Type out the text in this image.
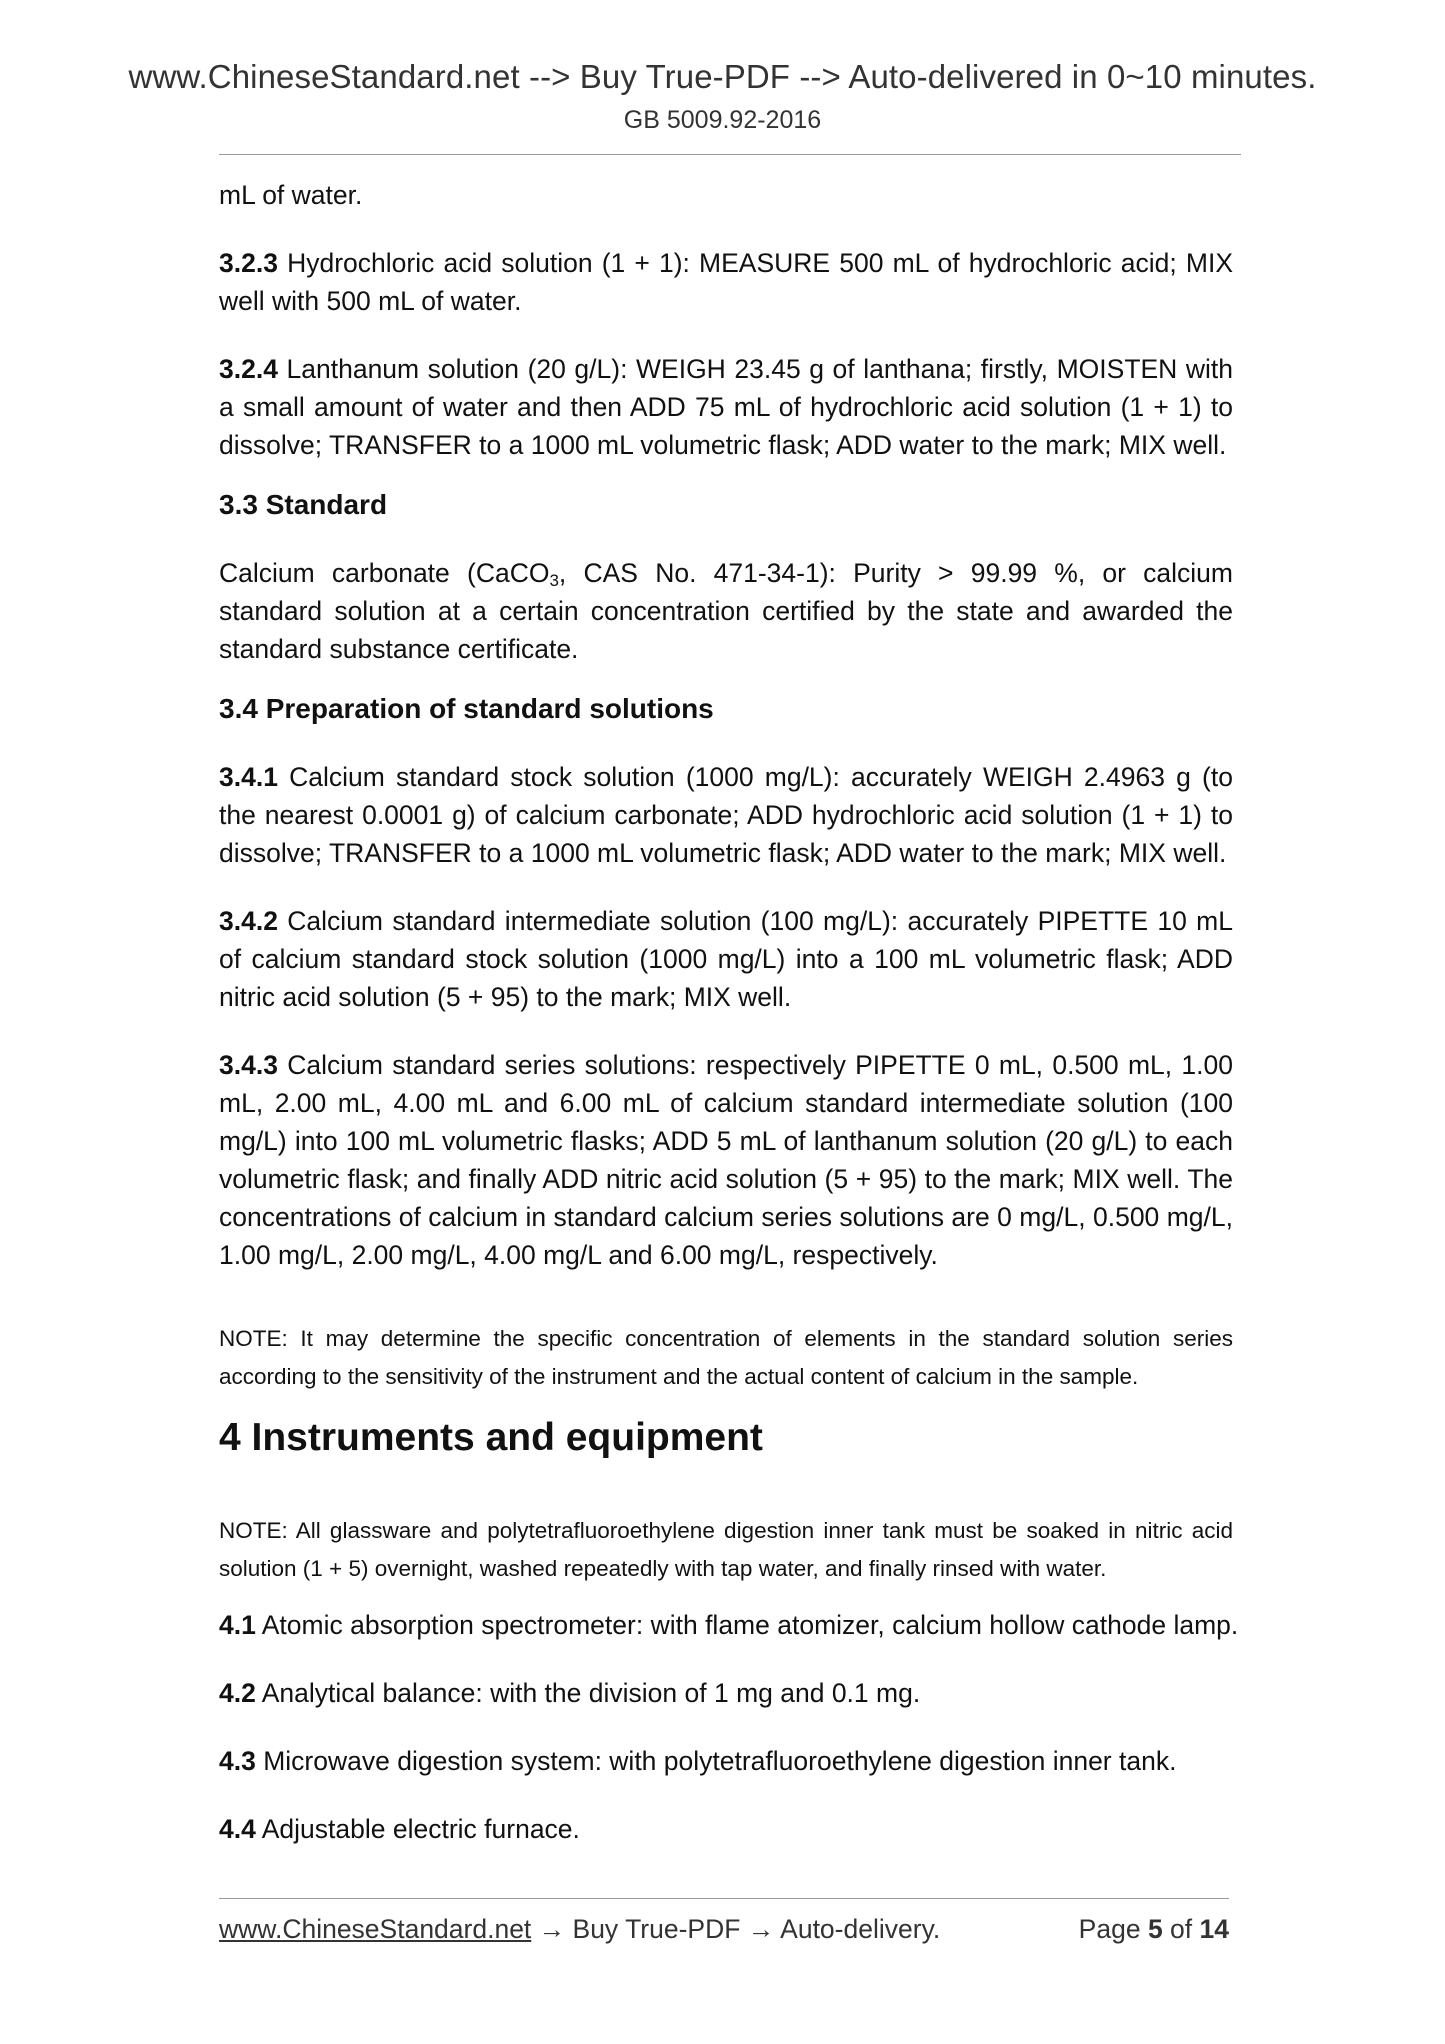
www.ChineseStandard.net --> Buy True-PDF --> Auto-delivered in 0~10 minutes.
GB 5009.92-2016

mL of water.

3.2.3 Hydrochloric acid solution (1 + 1): MEASURE 500 mL of hydrochloric acid; MIX well with 500 mL of water.

3.2.4 Lanthanum solution (20 g/L): WEIGH 23.45 g of lanthana; firstly, MOISTEN with a small amount of water and then ADD 75 mL of hydrochloric acid solution (1 + 1) to dissolve; TRANSFER to a 1000 mL volumetric flask; ADD water to the mark; MIX well.

3.3 Standard

Calcium carbonate (CaCO$_3$, CAS No. 471-34-1): Purity > 99.99 %, or calcium standard solution at a certain concentration certified by the state and awarded the standard substance certificate.

3.4 Preparation of standard solutions

3.4.1 Calcium standard stock solution (1000 mg/L): accurately WEIGH 2.4963 g (to the nearest 0.0001 g) of calcium carbonate; ADD hydrochloric acid solution (1 + 1) to dissolve; TRANSFER to a 1000 mL volumetric flask; ADD water to the mark; MIX well.

3.4.2 Calcium standard intermediate solution (100 mg/L): accurately PIPETTE 10 mL of calcium standard stock solution (1000 mg/L) into a 100 mL volumetric flask; ADD nitric acid solution (5 + 95) to the mark; MIX well.

3.4.3 Calcium standard series solutions: respectively PIPETTE 0 mL, 0.500 mL, 1.00 mL, 2.00 mL, 4.00 mL and 6.00 mL of calcium standard intermediate solution (100 mg/L) into 100 mL volumetric flasks; ADD 5 mL of lanthanum solution (20 g/L) to each volumetric flask; and finally ADD nitric acid solution (5 + 95) to the mark; MIX well. The concentrations of calcium in standard calcium series solutions are 0 mg/L, 0.500 mg/L, 1.00 mg/L, 2.00 mg/L, 4.00 mg/L and 6.00 mg/L, respectively.

NOTE: It may determine the specific concentration of elements in the standard solution series according to the sensitivity of the instrument and the actual content of calcium in the sample.

4 Instruments and equipment

NOTE: All glassware and polytetrafluoroethylene digestion inner tank must be soaked in nitric acid solution (1 + 5) overnight, washed repeatedly with tap water, and finally rinsed with water.

4.1 Atomic absorption spectrometer: with flame atomizer, calcium hollow cathode lamp.

4.2 Analytical balance: with the division of 1 mg and 0.1 mg.

4.3 Microwave digestion system: with polytetrafluoroethylene digestion inner tank.

4.4 Adjustable electric furnace.

www.ChineseStandard.net → Buy True-PDF → Auto-delivery.	Page 5 of 14
